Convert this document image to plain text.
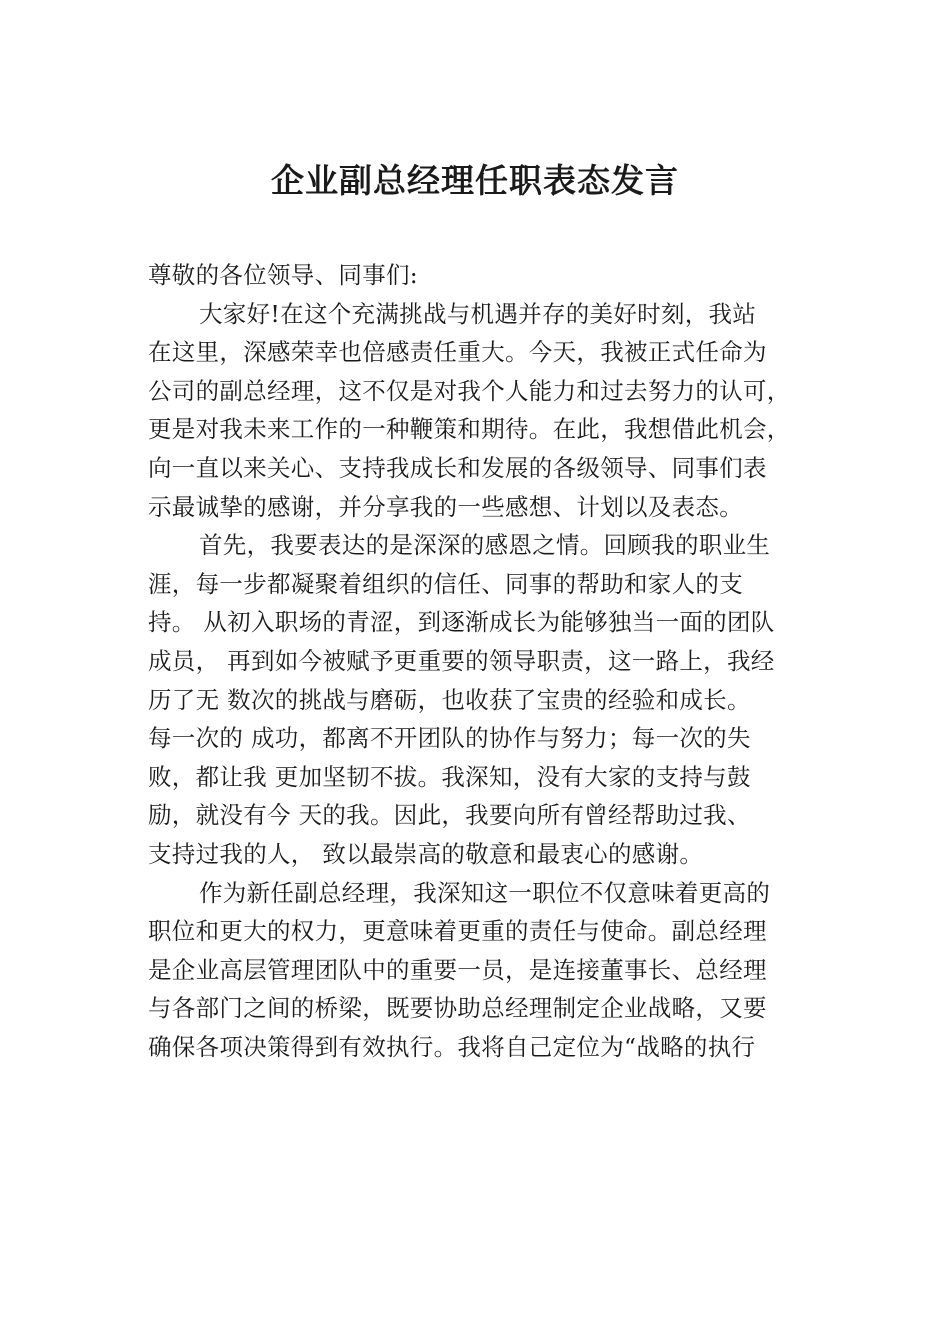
企业副总经理任职表态发言
尊敬的各位领导、同事们:
大家好!在这个充满挑战与机遇并存的美好时刻，我站
在这里，深感荣幸也倍感责任重大。今天，我被正式任命为
公司的副总经理，这不仅是对我个人能力和过去努力的认可，
更是对我未来工作的一种鞭策和期待。在此，我想借此机会，
向一直以来关心、支持我成长和发展的各级领导、同事们表
示最诚挚的感谢，并分享我的一些感想、计划以及表态。
首先，我要表达的是深深的感恩之情。回顾我的职业生
涯，每一步都凝聚着组织的信任、同事的帮助和家人的支
持。 从初入职场的青涩，到逐渐成长为能够独当一面的团队
成员， 再到如今被赋予更重要的领导职责，这一路上，我经
历了无 数次的挑战与磨砺，也收获了宝贵的经验和成长。
每一次的 成功，都离不开团队的协作与努力；每一次的失
败，都让我 更加坚韧不拔。我深知，没有大家的支持与鼓
励，就没有今 天的我。因此，我要向所有曾经帮助过我、
支持过我的人， 致以最崇高的敬意和最衷心的感谢。
作为新任副总经理，我深知这一职位不仅意味着更高的
职位和更大的权力，更意味着更重的责任与使命。副总经理
是企业高层管理团队中的重要一员，是连接董事长、总经理
与各部门之间的桥梁，既要协助总经理制定企业战略，又要
确保各项决策得到有效执行。我将自己定位为“战略的执行
